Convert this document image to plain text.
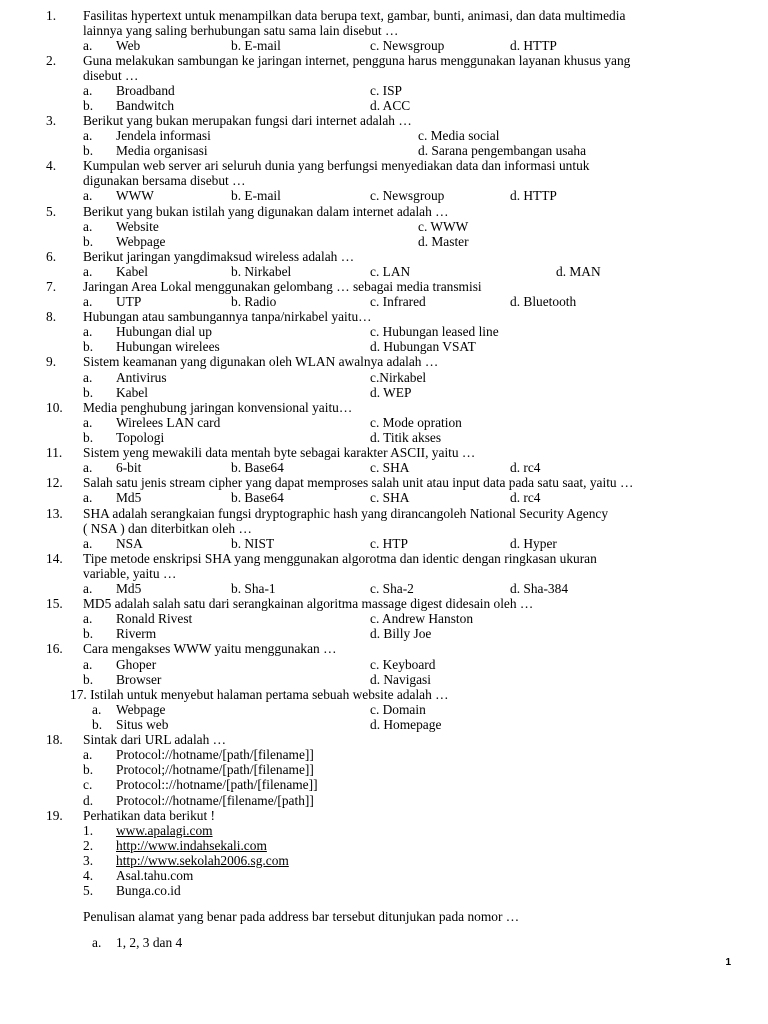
1. Fasilitas hypertext untuk menampilkan data berupa text, gambar, bunti, animasi, dan data multimedia
lainnya yang saling berhubungan satu sama lain disebut …
a. Web	b. E-mail	c. Newsgroup	d. HTTP
2. Guna melakukan sambungan ke jaringan internet, pengguna harus menggunakan layanan khusus yang
disebut …
a. Broadband	c. ISP
b. Bandwitch	d. ACC
3. Berikut yang bukan merupakan fungsi dari internet adalah …
a. Jendela informasi	c. Media social
b. Media organisasi	d. Sarana pengembangan usaha
4. Kumpulan web server ari seluruh dunia yang berfungsi menyediakan data dan informasi untuk
digunakan bersama disebut …
a. WWW	b. E-mail	c. Newsgroup	d. HTTP
5. Berikut yang bukan istilah yang digunakan dalam internet adalah …
a. Website	c. WWW
b. Webpage	d. Master
6. Berikut jaringan yangdimaksud wireless adalah …
a. Kabel	b. Nirkabel	c. LAN	d. MAN
7. Jaringan Area Lokal menggunakan gelombang … sebagai media transmisi
a. UTP	b. Radio	c. Infrared	d. Bluetooth
8. Hubungan atau sambungannya tanpa/nirkabel yaitu…
a. Hubungan dial up	c. Hubungan leased line
b. Hubungan wirelees	d. Hubungan VSAT
9. Sistem keamanan yang digunakan oleh WLAN awalnya adalah …
a. Antivirus	c.Nirkabel
b. Kabel	d. WEP
10. Media penghubung jaringan konvensional yaitu…
a. Wirelees LAN card	c. Mode opration
b. Topologi	d. Titik akses
11. Sistem yeng mewakili data mentah byte sebagai karakter ASCII, yaitu …
a. 6-bit	b. Base64	c. SHA	d. rc4
12. Salah satu jenis stream cipher yang dapat memproses salah unit atau input data pada satu saat, yaitu …
a. Md5	b. Base64	c. SHA	d. rc4
13. SHA adalah serangkaian fungsi dryptographic hash yang dirancangoleh National Security Agency
( NSA ) dan diterbitkan oleh …
a. NSA	b. NIST	c. HTP	d. Hyper
14. Tipe metode enskripsi SHA yang menggunakan algorotma dan identic dengan ringkasan ukuran
variable, yaitu …
a. Md5	b. Sha-1	c. Sha-2	d. Sha-384
15. MD5 adalah salah satu dari serangkainan algoritma massage digest didesain oleh …
a. Ronald Rivest	c. Andrew Hanston
b. Riverm	d. Billy Joe
16. Cara mengakses WWW yaitu menggunakan …
a. Ghoper	c. Keyboard
b. Browser	d. Navigasi
17. Istilah untuk menyebut halaman pertama sebuah website adalah …
a. Webpage	c. Domain
b. Situs web	d. Homepage
18. Sintak dari URL adalah …
a. Protocol://hotname/[path/[filename]]
b. Protocol;//hotname/[path/[filename]]
c. Protocol:://hotname/[path/[filename]]
d. Protocol://hotname/[filename/[path]]
19. Perhatikan data berikut !
1. www.apalagi.com
2. http://www.indahsekali.com
3. http://www.sekolah2006.sg.com
4. Asal.tahu.com
5. Bunga.co.id
Penulisan alamat yang benar pada address bar tersebut ditunjukan pada nomor …
a. 1, 2, 3 dan 4
1
